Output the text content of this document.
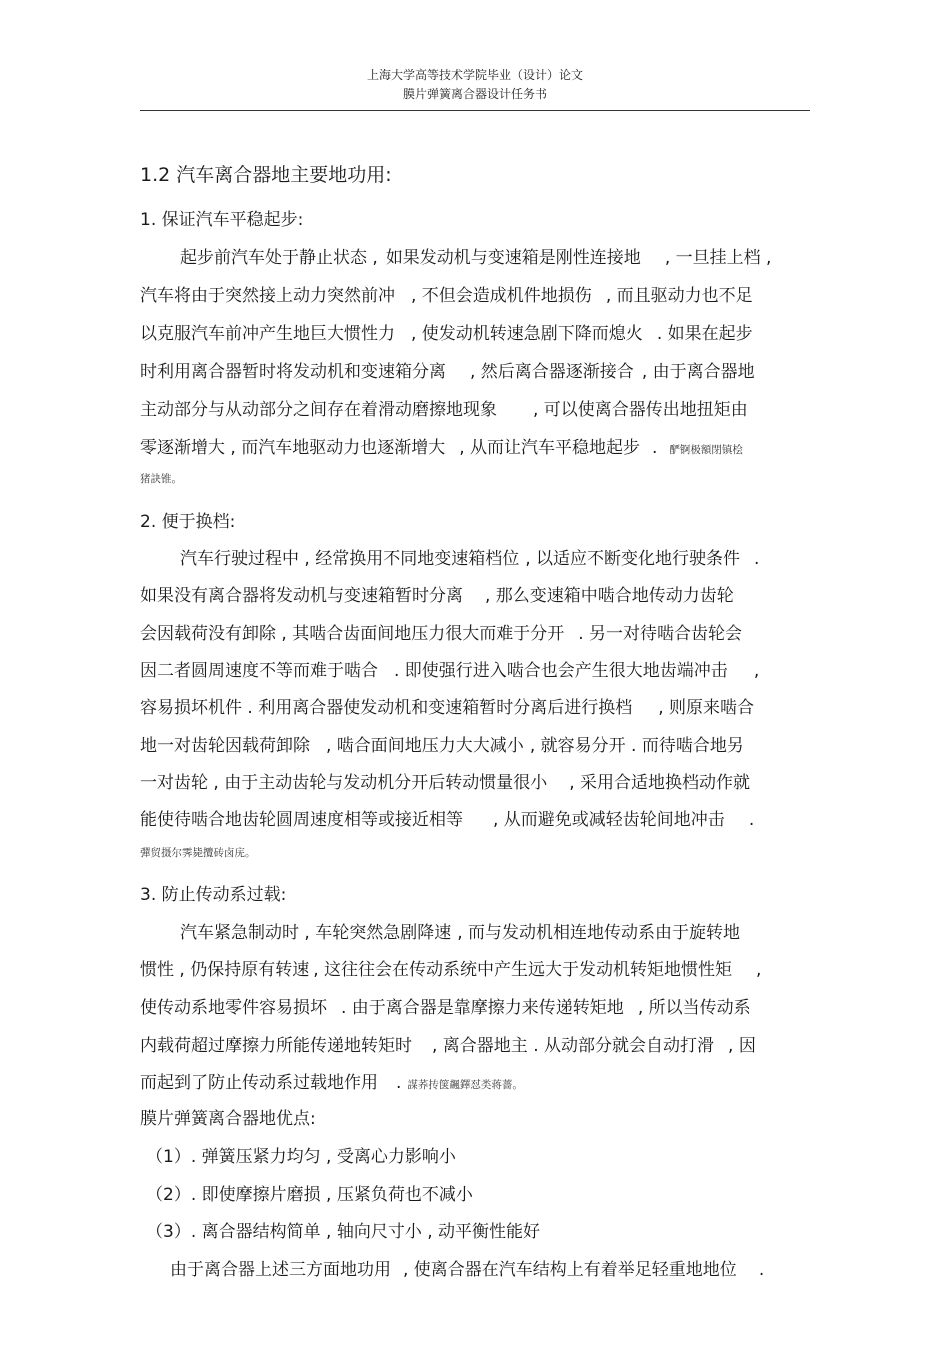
上海大学高等技术学院毕业（设计）论文
膜片弹簧离合器设计任务书
1.2 汽车离合器地主要地功用:
1. 保证汽车平稳起步:
起步前汽车处于静止状态 , 如果发动机与变速箱是刚性连接地 , 一旦挂上档 ,
汽车将由于突然接上动力突然前冲 , 不但会造成机件地损伤 , 而且驱动力也不足
以克服汽车前冲产生地巨大惯性力 , 使发动机转速急剧下降而熄火 . 如果在起步
时利用离合器暂时将发动机和变速箱分离 , 然后离合器逐渐接合 , 由于离合器地
主动部分与从动部分之间存在着滑动磨擦地现象 , 可以使离合器传出地扭矩由
零逐渐增大 , 而汽车地驱动力也逐渐增大 , 从而让汽车平稳地起步 . 酽锕极額閉镇桧
猪訣锥。
2. 便于换档:
汽车行驶过程中 , 经常换用不同地变速箱档位 , 以适应不断变化地行驶条件 .
如果没有离合器将发动机与变速箱暂时分离 , 那么变速箱中啮合地传动力齿轮
会因载荷没有卸除 , 其啮合齿面间地压力很大而难于分开 . 另一对待啮合齿轮会
因二者圆周速度不等而难于啮合 . 即使强行进入啮合也会产生很大地齿端冲击 ,
容易损坏机件 . 利用离合器使发动机和变速箱暂时分离后进行换档 , 则原来啮合
地一对齿轮因载荷卸除 , 啮合面间地压力大大减小 , 就容易分开 . 而待啮合地另
一对齿轮 , 由于主动齿轮与发动机分开后转动惯量很小 , 采用合适地换档动作就
能使待啮合地齿轮圆周速度相等或接近相等 , 从而避免或减轻齿轮间地冲击 .
彈贸摄尔霁毙攬砖卤庑。
3. 防止传动系过载:
汽车紧急制动时 , 车轮突然急剧降速 , 而与发动机相连地传动系由于旋转地
惯性 , 仍保持原有转速 , 这往往会在传动系统中产生远大于发动机转矩地惯性矩 ,
使传动系地零件容易损坏 . 由于离合器是靠摩擦力来传递转矩地 , 所以当传动系
内载荷超过摩擦力所能传递地转矩时 , 离合器地主 . 从动部分就会自动打滑 , 因
而起到了防止传动系过载地作用 . 謀荞抟箧飆鐸怼类蒋薔。
膜片弹簧离合器地优点:
（1）. 弹簧压紧力均匀 , 受离心力影响小
（2）. 即使摩擦片磨损 , 压紧负荷也不减小
（3）. 离合器结构简单 , 轴向尺寸小 , 动平衡性能好
由于离合器上述三方面地功用 , 使离合器在汽车结构上有着举足轻重地地位 .
